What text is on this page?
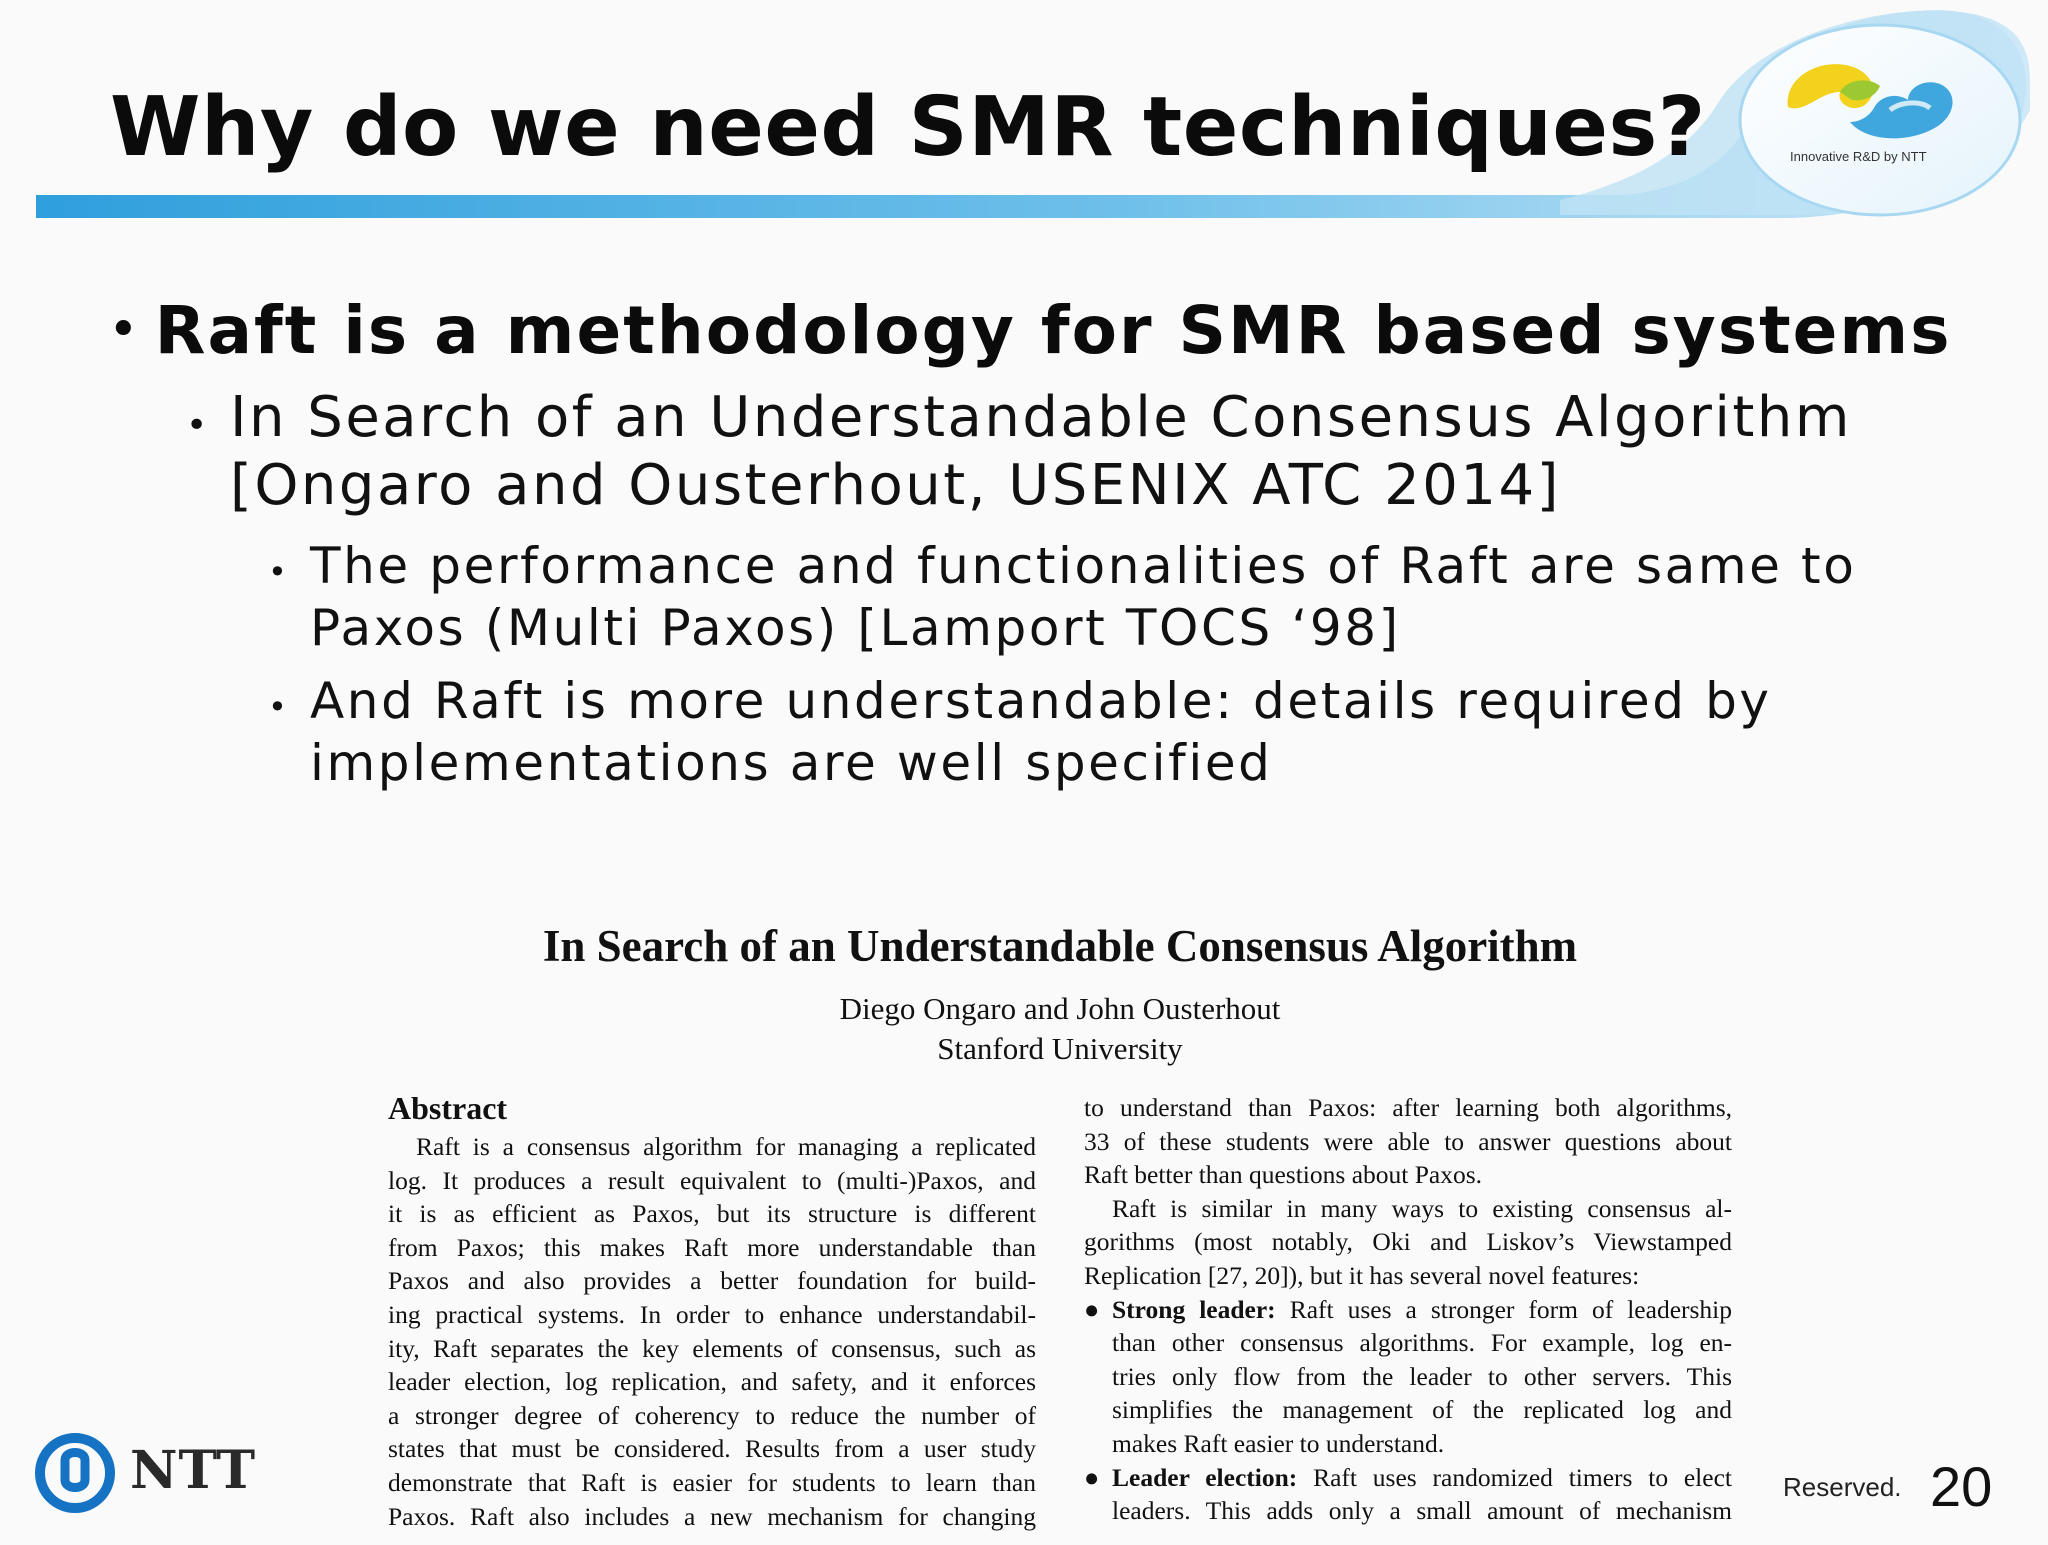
Innovative R&D by NTT
Why do we need SMR techniques?
• Raft is a methodology for SMR based systems
• In Search of an Understandable Consensus Algorithm
[Ongaro and Ousterhout, USENIX ATC 2014]
• The performance and functionalities of Raft are same to
Paxos (Multi Paxos) [Lamport TOCS ‘98]
• And Raft is more understandable: details required by
implementations are well specified
In Search of an Understandable Consensus Algorithm
Diego Ongaro and John Ousterhout
Stanford University
Abstract
Raft is a consensus algorithm for managing a replicated
log. It produces a result equivalent to (multi-)Paxos, and
it is as efficient as Paxos, but its structure is different
from Paxos; this makes Raft more understandable than
Paxos and also provides a better foundation for build-
ing practical systems. In order to enhance understandabil-
ity, Raft separates the key elements of consensus, such as
leader election, log replication, and safety, and it enforces
a stronger degree of coherency to reduce the number of
states that must be considered. Results from a user study
demonstrate that Raft is easier for students to learn than
Paxos. Raft also includes a new mechanism for changing
to understand than Paxos: after learning both algorithms,
33 of these students were able to answer questions about
Raft better than questions about Paxos.
Raft is similar in many ways to existing consensus al-
gorithms (most notably, Oki and Liskov’s Viewstamped
Replication [27, 20]), but it has several novel features:
● Strong leader: Raft uses a stronger form of leadership
than other consensus algorithms. For example, log en-
tries only flow from the leader to other servers. This
simplifies the management of the replicated log and
makes Raft easier to understand.
● Leader election: Raft uses randomized timers to elect
leaders. This adds only a small amount of mechanism
NTT	Reserved. 20
